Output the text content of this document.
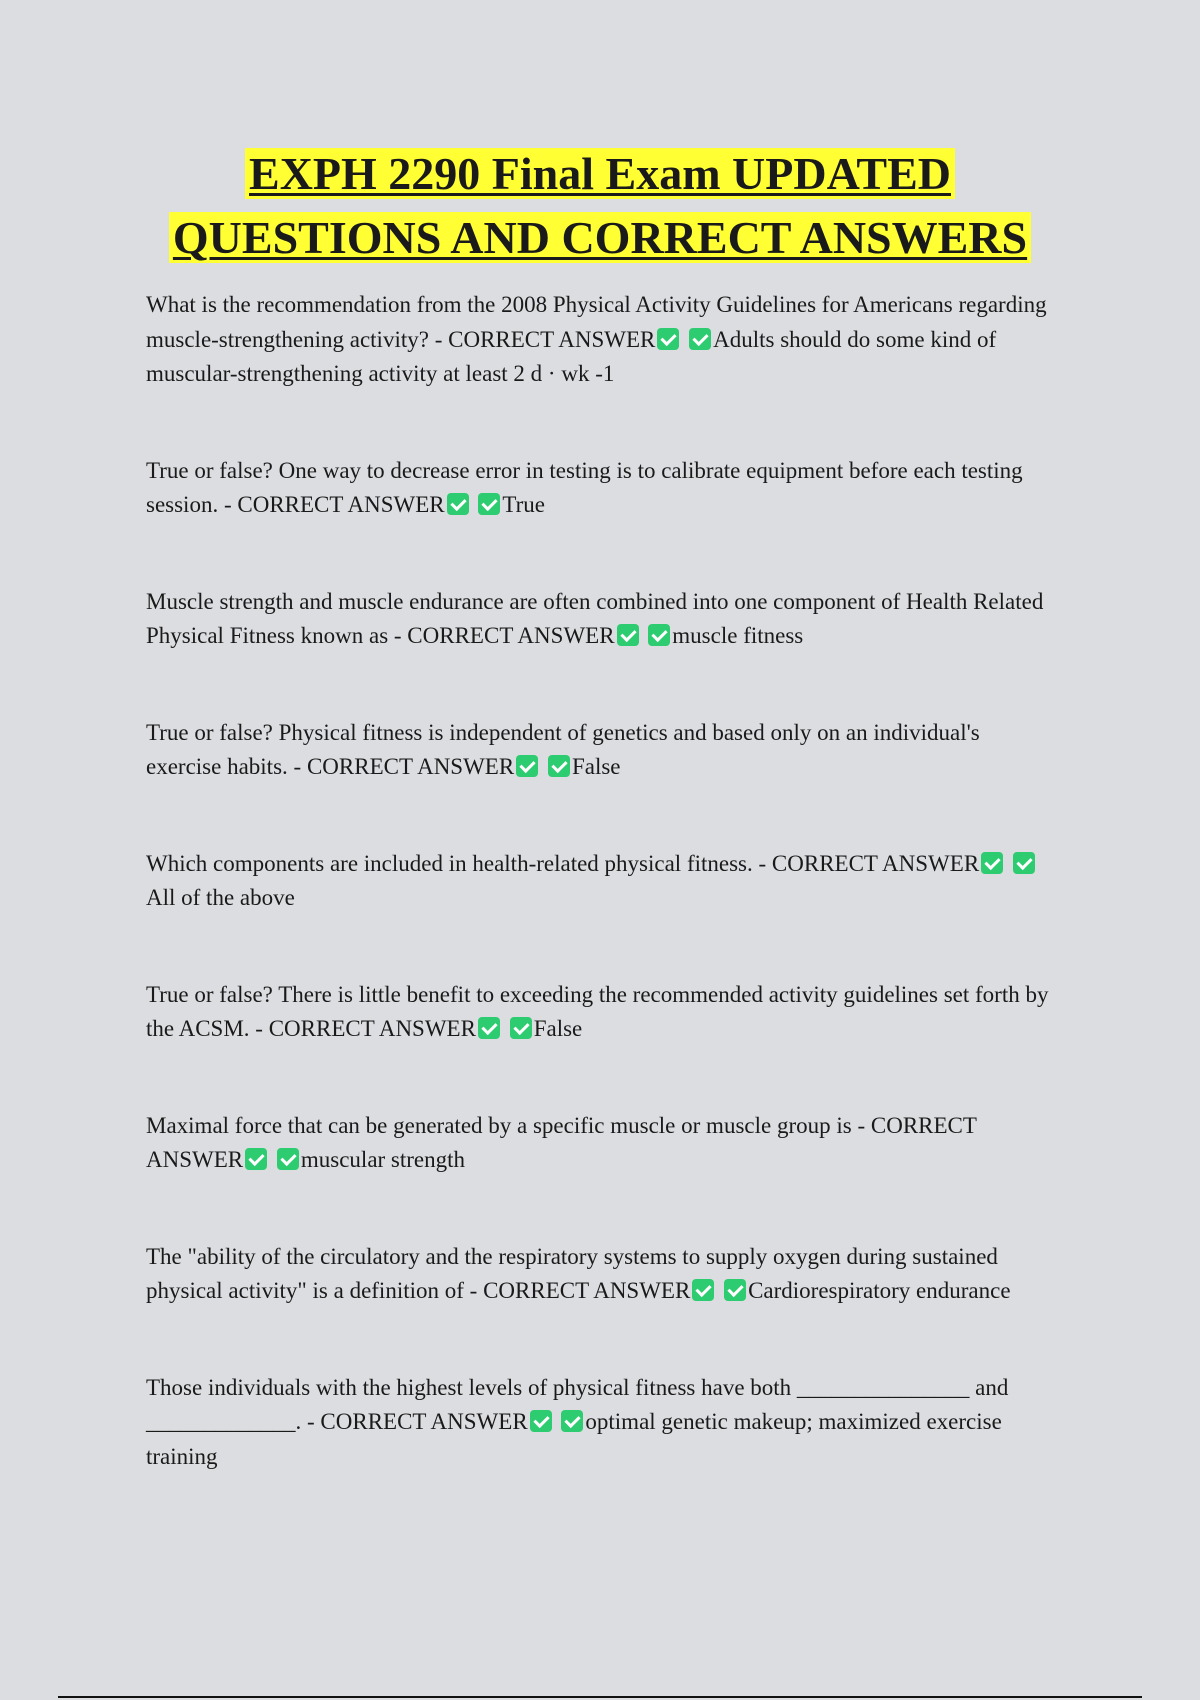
EXPH 2290 Final Exam UPDATED
QUESTIONS AND CORRECT ANSWERS

What is the recommendation from the 2008 Physical Activity Guidelines for Americans regarding muscle-strengthening activity? - CORRECT ANSWER	Adults should do some kind of muscular-strengthening activity at least 2 d · wk -1

True or false? One way to decrease error in testing is to calibrate equipment before each testing session. - CORRECT ANSWER	True

Muscle strength and muscle endurance are often combined into one component of Health Related Physical Fitness known as - CORRECT ANSWER	muscle fitness

True or false? Physical fitness is independent of genetics and based only on an individual's exercise habits. - CORRECT ANSWER	False

Which components are included in health-related physical fitness. - CORRECT ANSWER All of the above

True or false? There is little benefit to exceeding the recommended activity guidelines set forth by the ACSM. - CORRECT ANSWER	False

Maximal force that can be generated by a specific muscle or muscle group is - CORRECT ANSWER	muscular strength

The "ability of the circulatory and the respiratory systems to supply oxygen during sustained physical activity" is a definition of - CORRECT ANSWER	Cardiorespiratory endurance

Those individuals with the highest levels of physical fitness have both _______________ and _____________. - CORRECT ANSWER	optimal genetic makeup; maximized exercise training
